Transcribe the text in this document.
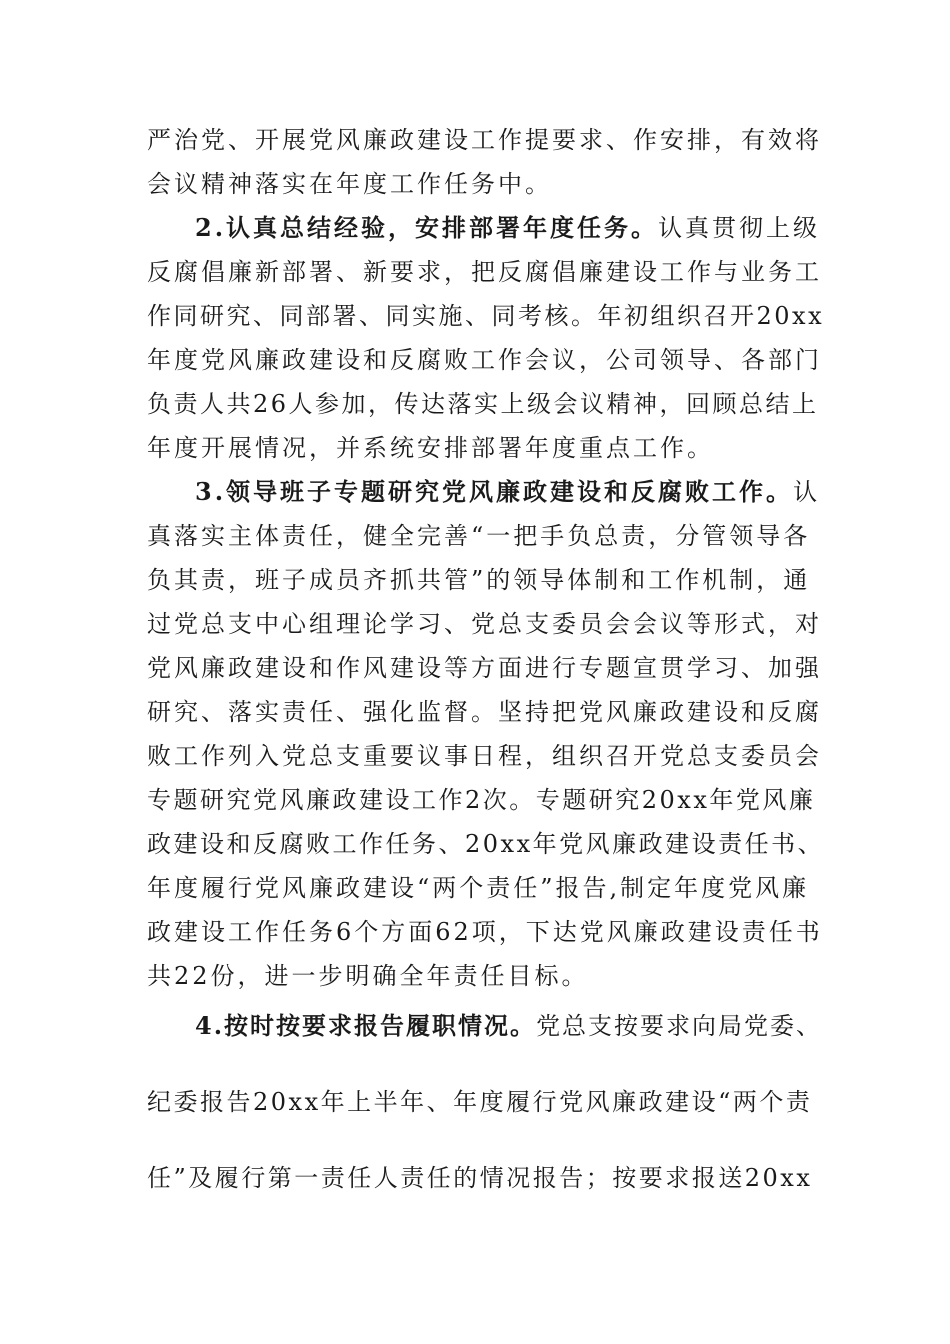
严治党、开展党风廉政建设工作提要求、作安排，有效将
会议精神落实在年度工作任务中。
2.认真总结经验，安排部署年度任务。认真贯彻上级
反腐倡廉新部署、新要求，把反腐倡廉建设工作与业务工
作同研究、同部署、同实施、同考核。年初组织召开20xx
年度党风廉政建设和反腐败工作会议，公司领导、各部门
负责人共26人参加，传达落实上级会议精神，回顾总结上
年度开展情况，并系统安排部署年度重点工作。
3.领导班子专题研究党风廉政建设和反腐败工作。认
真落实主体责任，健全完善“一把手负总责，分管领导各
负其责，班子成员齐抓共管”的领导体制和工作机制，通
过党总支中心组理论学习、党总支委员会会议等形式，对
党风廉政建设和作风建设等方面进行专题宣贯学习、加强
研究、落实责任、强化监督。坚持把党风廉政建设和反腐
败工作列入党总支重要议事日程，组织召开党总支委员会
专题研究党风廉政建设工作2次。专题研究20xx年党风廉
政建设和反腐败工作任务、20xx年党风廉政建设责任书、
年度履行党风廉政建设“两个责任”报告,制定年度党风廉
政建设工作任务6个方面62项，下达党风廉政建设责任书
共22份，进一步明确全年责任目标。
4.按时按要求报告履职情况。党总支按要求向局党委、
纪委报告20xx年上半年、年度履行党风廉政建设“两个责
任”及履行第一责任人责任的情况报告；按要求报送20xx
